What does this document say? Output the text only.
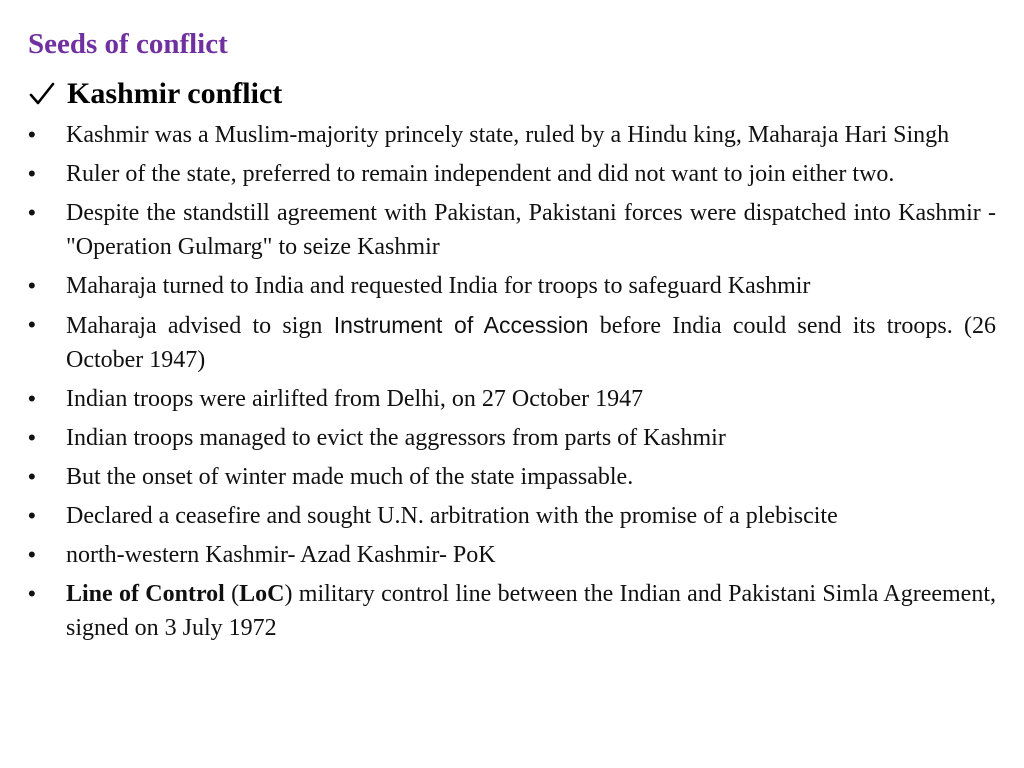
Seeds of conflict
Kashmir conflict
•	Kashmir was a Muslim-majority princely state, ruled by a Hindu king, Maharaja Hari Singh
•	Ruler of the state, preferred to remain independent and did not want to join either two.
•	Despite the standstill agreement with Pakistan, Pakistani forces were dispatched into Kashmir - "Operation Gulmarg" to seize Kashmir
•	Maharaja turned to India and requested India for troops to safeguard Kashmir
•	Maharaja advised to sign Instrument of Accession before India could send its troops. (26 October 1947)
•	Indian troops were airlifted from Delhi, on 27 October 1947
•	Indian troops managed to evict the aggressors from parts of Kashmir
•	But the onset of winter made much of the state impassable.
•	Declared a ceasefire and sought U.N. arbitration with the promise of a plebiscite
•	north-western Kashmir- Azad Kashmir- PoK
•	Line of Control (LoC) military control line between the Indian and Pakistani Simla Agreement, signed on 3 July 1972
